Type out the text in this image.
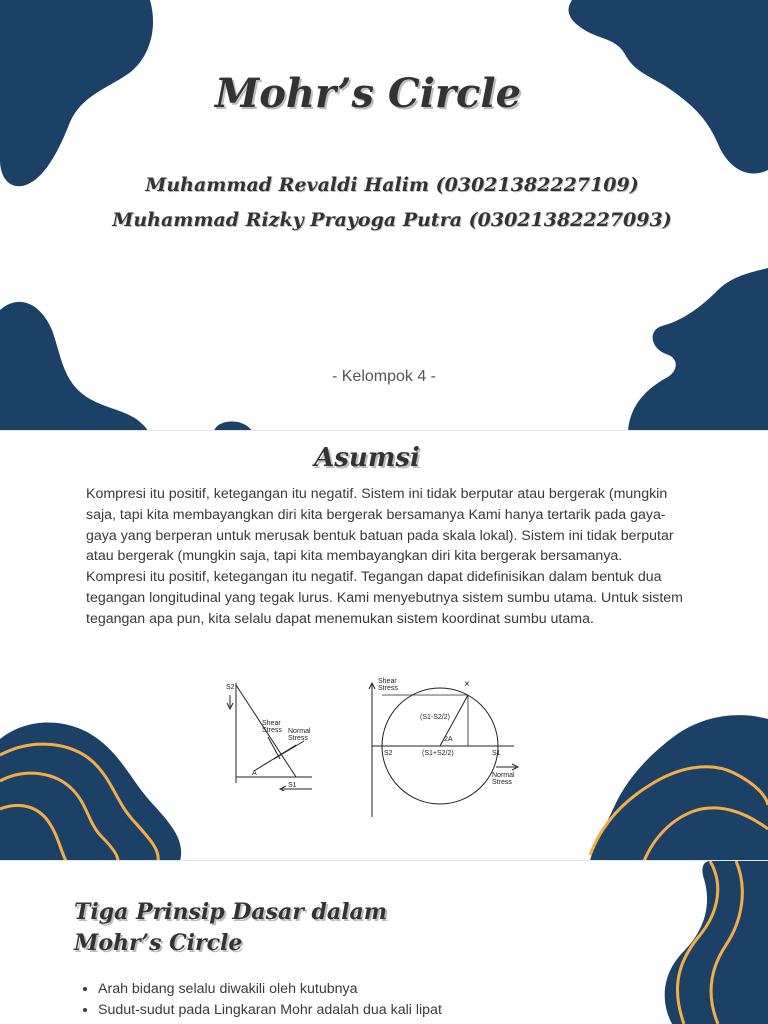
Mohr’s Circle
Muhammad Revaldi Halim (03021382227109)
Muhammad Rizky Prayoga Putra (03021382227093)
- Kelompok 4 -
Asumsi

Kompresi itu positif, ketegangan itu negatif. Sistem ini tidak berputar atau bergerak (mungkin saja, tapi kita membayangkan diri kita bergerak bersamanya Kami hanya tertarik pada gaya-gaya yang berperan untuk merusak bentuk batuan pada skala lokal). Sistem ini tidak berputar atau bergerak (mungkin saja, tapi kita membayangkan diri kita bergerak bersamanya. Kompresi itu positif, ketegangan itu negatif. Tegangan dapat didefinisikan dalam bentuk dua tegangan longitudinal yang tegak lurus. Kami menyebutnya sistem sumbu utama. Untuk sistem tegangan apa pun, kita selalu dapat menemukan sistem koordinat sumbu utama.

S2
Shear
Stress Normal
Stress
A
S1
Shear
Stress	×
(S1-S2/2)
2A
S2	(S1+S2/2)	S1
Normal
Stress
Tiga Prinsip Dasar dalam
Mohr’s Circle
• Arah bidang selalu diwakili oleh kutubnya
• Sudut-sudut pada Lingkaran Mohr adalah dua kali lipat
